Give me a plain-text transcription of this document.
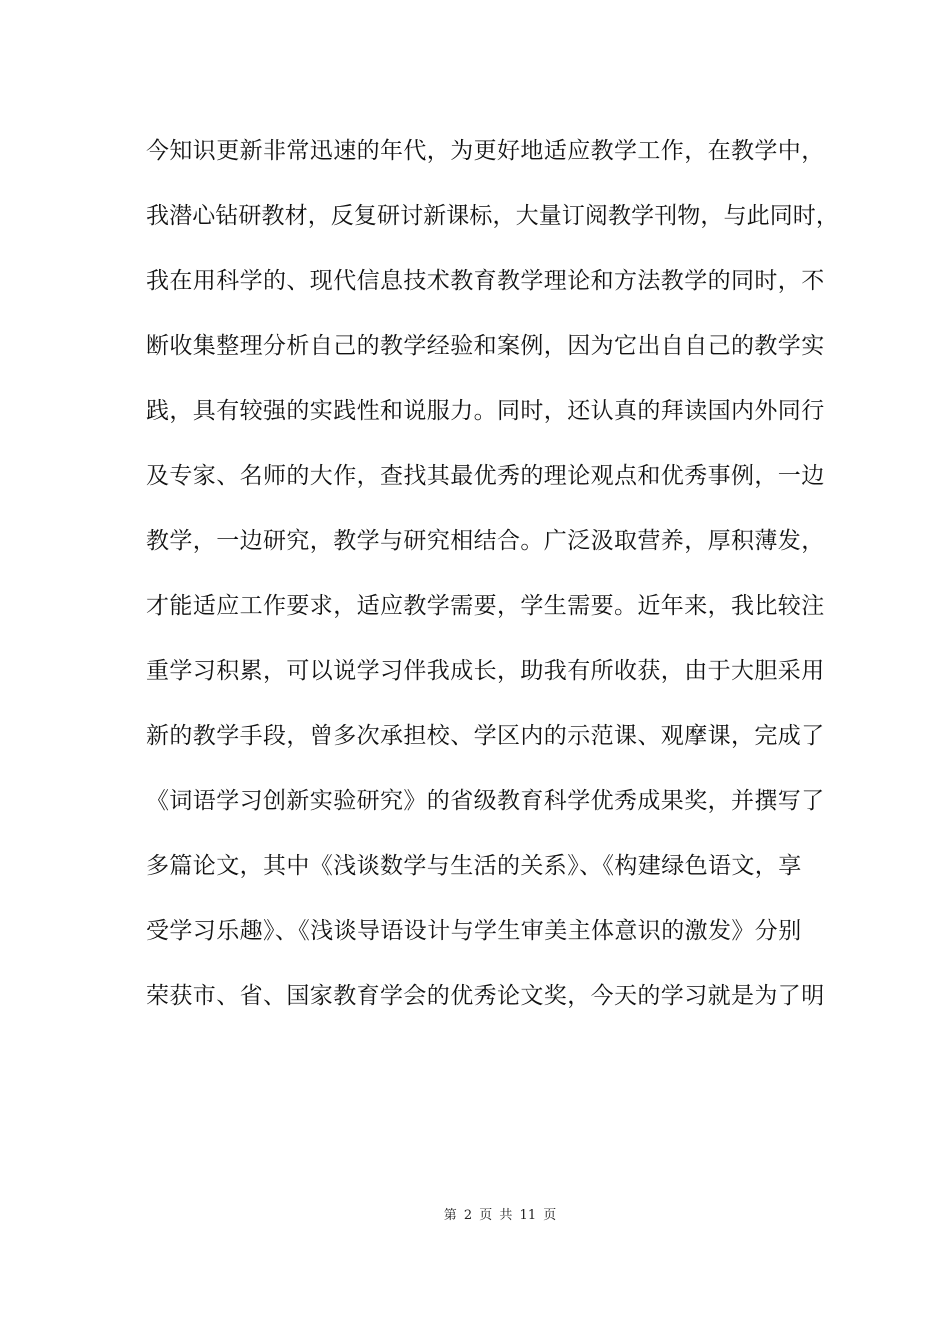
今知识更新非常迅速的年代，为更好地适应教学工作，在教学中，
我潜心钻研教材，反复研讨新课标，大量订阅教学刊物，与此同时，
我在用科学的、现代信息技术教育教学理论和方法教学的同时，不
断收集整理分析自己的教学经验和案例，因为它出自自己的教学实
践，具有较强的实践性和说服力。同时，还认真的拜读国内外同行
及专家、名师的大作，查找其最优秀的理论观点和优秀事例，一边
教学，一边研究，教学与研究相结合。广泛汲取营养，厚积薄发，
才能适应工作要求，适应教学需要，学生需要。近年来，我比较注
重学习积累，可以说学习伴我成长，助我有所收获，由于大胆采用
新的教学手段，曾多次承担校、学区内的示范课、观摩课，完成了
《词语学习创新实验研究》的省级教育科学优秀成果奖，并撰写了
多篇论文，其中《浅谈数学与生活的关系》、《构建绿色语文，享
受学习乐趣》、《浅谈导语设计与学生审美主体意识的激发》分别
荣获市、省、国家教育学会的优秀论文奖，今天的学习就是为了明
第 2 页 共 11 页
